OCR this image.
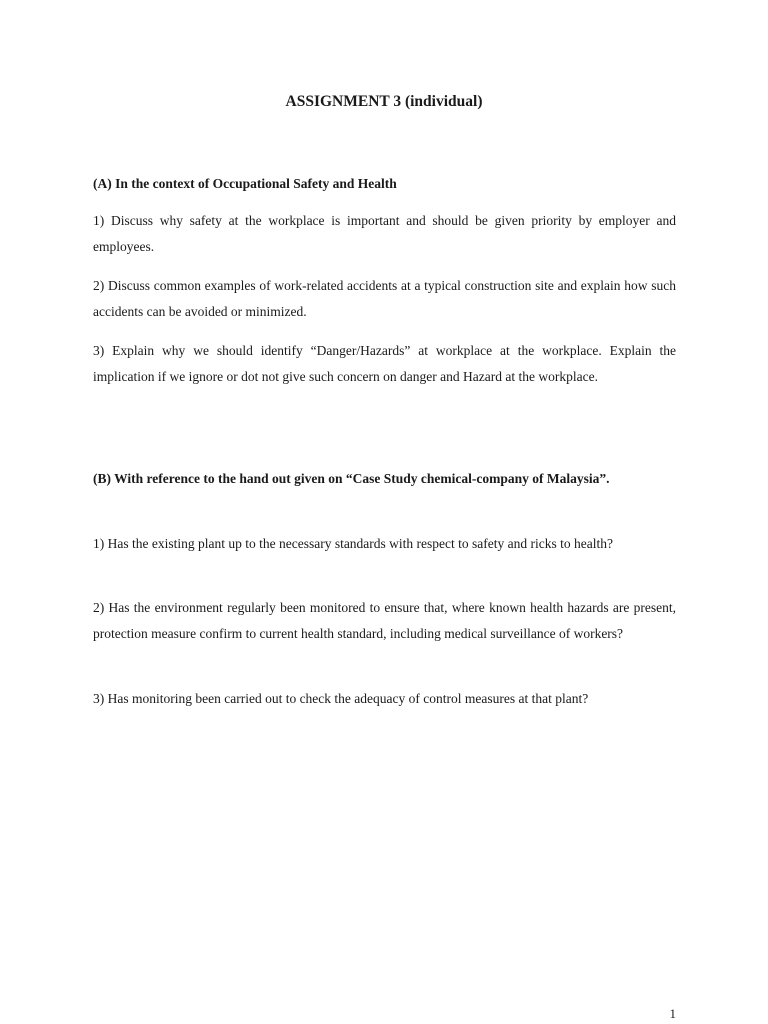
ASSIGNMENT 3 (individual)

(A) In the context of Occupational Safety and Health

1) Discuss why safety at the workplace is important and should be given priority by employer and employees.

2) Discuss common examples of work-related accidents at a typical construction site and explain how such accidents can be avoided or minimized.

3) Explain why we should identify “Danger/Hazards” at workplace at the workplace. Explain the implication if we ignore or dot not give such concern on danger and Hazard at the workplace.

(B) With reference to the hand out given on “Case Study chemical-company of Malaysia”.

1) Has the existing plant up to the necessary standards with respect to safety and ricks to health?

2) Has the environment regularly been monitored to ensure that, where known health hazards are present, protection measure confirm to current health standard, including medical surveillance of workers?

3) Has monitoring been carried out to check the adequacy of control measures at that plant?

1
